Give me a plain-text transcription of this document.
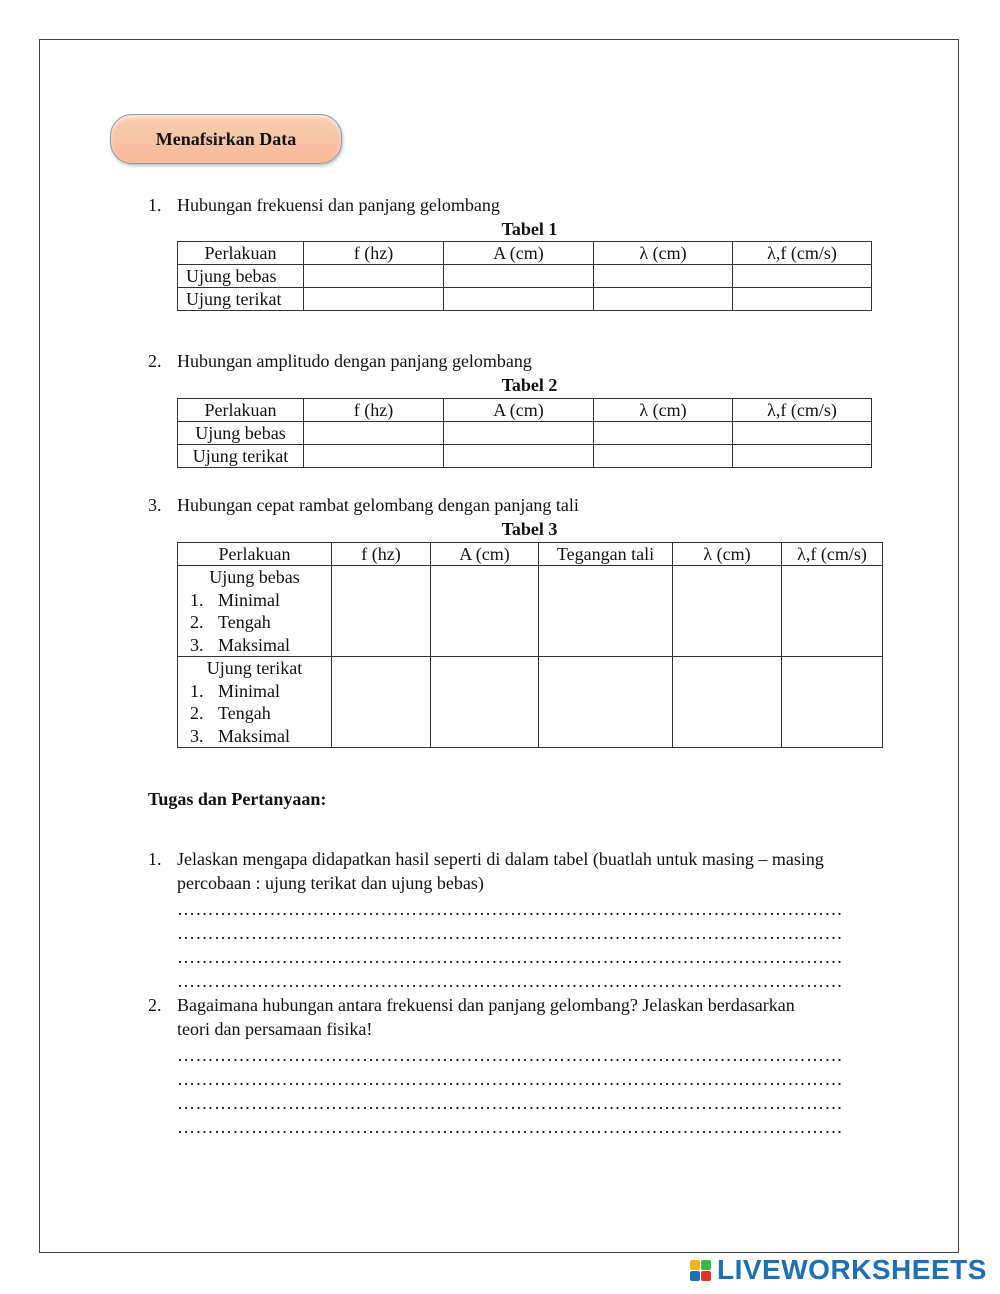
Menafsirkan Data
1. Hubungan frekuensi dan panjang gelombang
Tabel 1
Perlakuan	f (hz)	A (cm)	λ (cm)	λ,f (cm/s)
Ujung bebas				
Ujung terikat				
2. Hubungan amplitudo dengan panjang gelombang
Tabel 2
Perlakuan	f (hz)	A (cm)	λ (cm)	λ,f (cm/s)
Ujung bebas				
Ujung terikat				
3. Hubungan cepat rambat gelombang dengan panjang tali
Tabel 3
Perlakuan	f (hz)	A (cm)	Tegangan tali	λ (cm)	λ,f (cm/s)

Ujung bebas
1. Minimal
2. Tengah
3. Maksimal					

Ujung terikat
1. Minimal
2. Tengah
3. Maksimal					

Tugas dan Pertanyaan:
1. Jelaskan mengapa didapatkan hasil seperti di dalam tabel (buatlah untuk masing – masing
percobaan : ujung terikat dan ujung bebas)
………………………………………………………………………………………………
………………………………………………………………………………………………
………………………………………………………………………………………………
………………………………………………………………………………………………
2. Bagaimana hubungan antara frekuensi dan panjang gelombang? Jelaskan berdasarkan
teori dan persamaan fisika!
………………………………………………………………………………………………
………………………………………………………………………………………………
………………………………………………………………………………………………
………………………………………………………………………………………………
LIVEWORKSHEETS
